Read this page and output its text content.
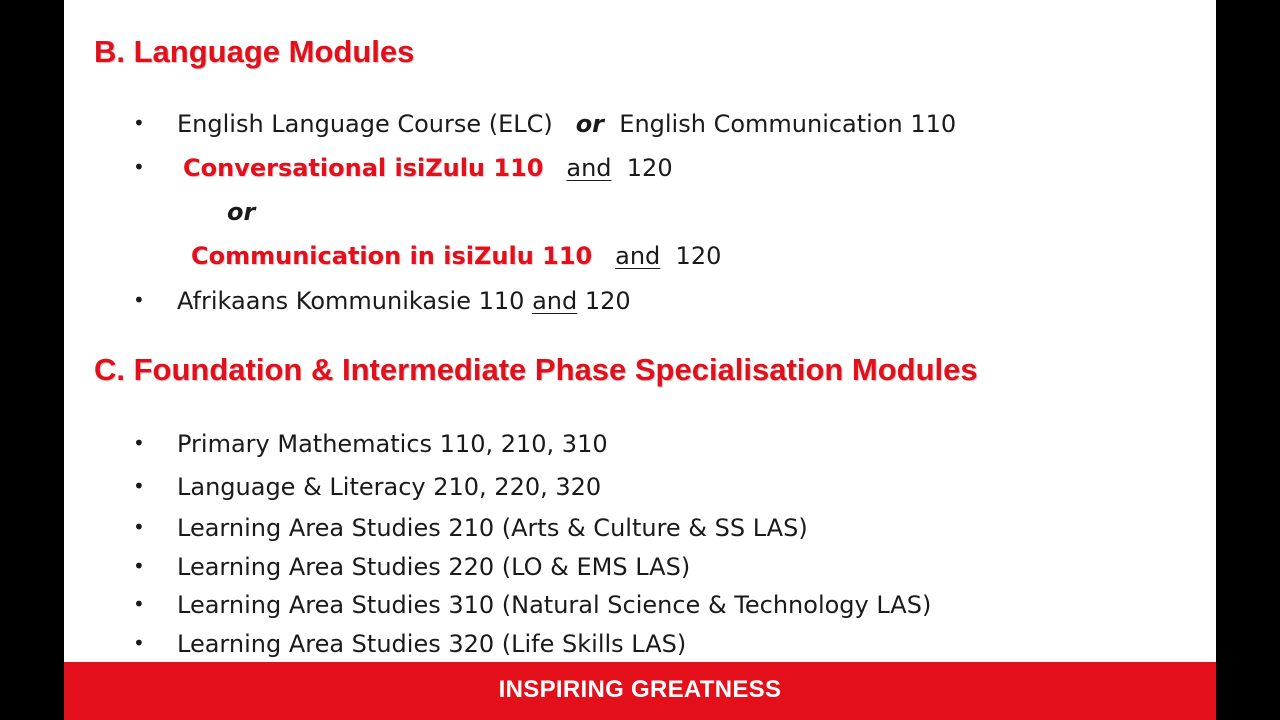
B. Language Modules
• English Language Course (ELC) or English Communication 110
• Conversational isiZulu 110 and 120
or
Communication in isiZulu 110 and 120
• Afrikaans Kommunikasie 110 and 120
C. Foundation & Intermediate Phase Specialisation Modules
• Primary Mathematics 110, 210, 310
• Language & Literacy 210, 220, 320
• Learning Area Studies 210 (Arts & Culture & SS LAS)
• Learning Area Studies 220 (LO & EMS LAS)
• Learning Area Studies 310 (Natural Science & Technology LAS)
• Learning Area Studies 320 (Life Skills LAS)
INSPIRING GREATNESS
